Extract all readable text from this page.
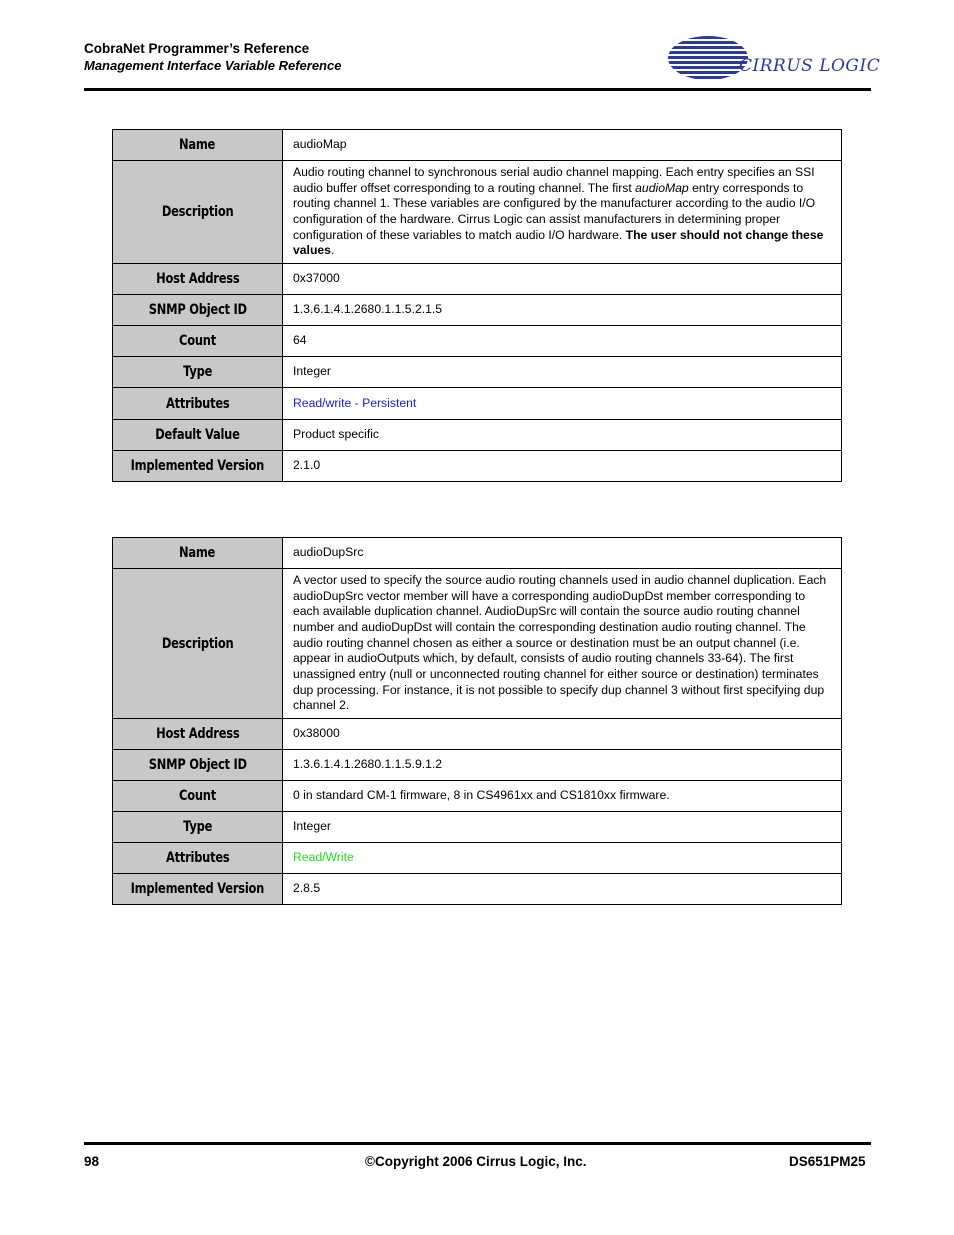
CobraNet Programmer’s Reference
Management Interface Variable Reference	CIRRUS LOGIC
Name	audioMap
Description	Audio routing channel to synchronous serial audio channel mapping. Each entry specifies an SSI audio buffer offset corresponding to a routing channel. The first audioMap entry corresponds to routing channel 1. These variables are configured by the manufacturer according to the audio I/O configuration of the hardware. Cirrus Logic can assist manufacturers in determining proper configuration of these variables to match audio I/O hardware. The user should not change these values.
Host Address	0x37000
SNMP Object ID	1.3.6.1.4.1.2680.1.1.5.2.1.5
Count	64
Type	Integer
Attributes	Read/write - Persistent
Default Value	Product specific
Implemented Version	2.1.0
Name	audioDupSrc
Description	A vector used to specify the source audio routing channels used in audio channel duplication. Each audioDupSrc vector member will have a corresponding audioDupDst member corresponding to each available duplication channel. AudioDupSrc will contain the source audio routing channel number and audioDupDst will contain the corresponding destination audio routing channel. The audio routing channel chosen as either a source or destination must be an output channel (i.e. appear in audioOutputs which, by default, consists of audio routing channels 33-64). The first unassigned entry (null or unconnected routing channel for either source or destination) terminates dup processing. For instance, it is not possible to specify dup channel 3 without first specifying dup channel 2.
Host Address	0x38000
SNMP Object ID	1.3.6.1.4.1.2680.1.1.5.9.1.2
Count	0 in standard CM-1 firmware, 8 in CS4961xx and CS1810xx firmware.
Type	Integer
Attributes	Read/Write
Implemented Version	2.8.5
98	©Copyright 2006 Cirrus Logic, Inc.	DS651PM25
